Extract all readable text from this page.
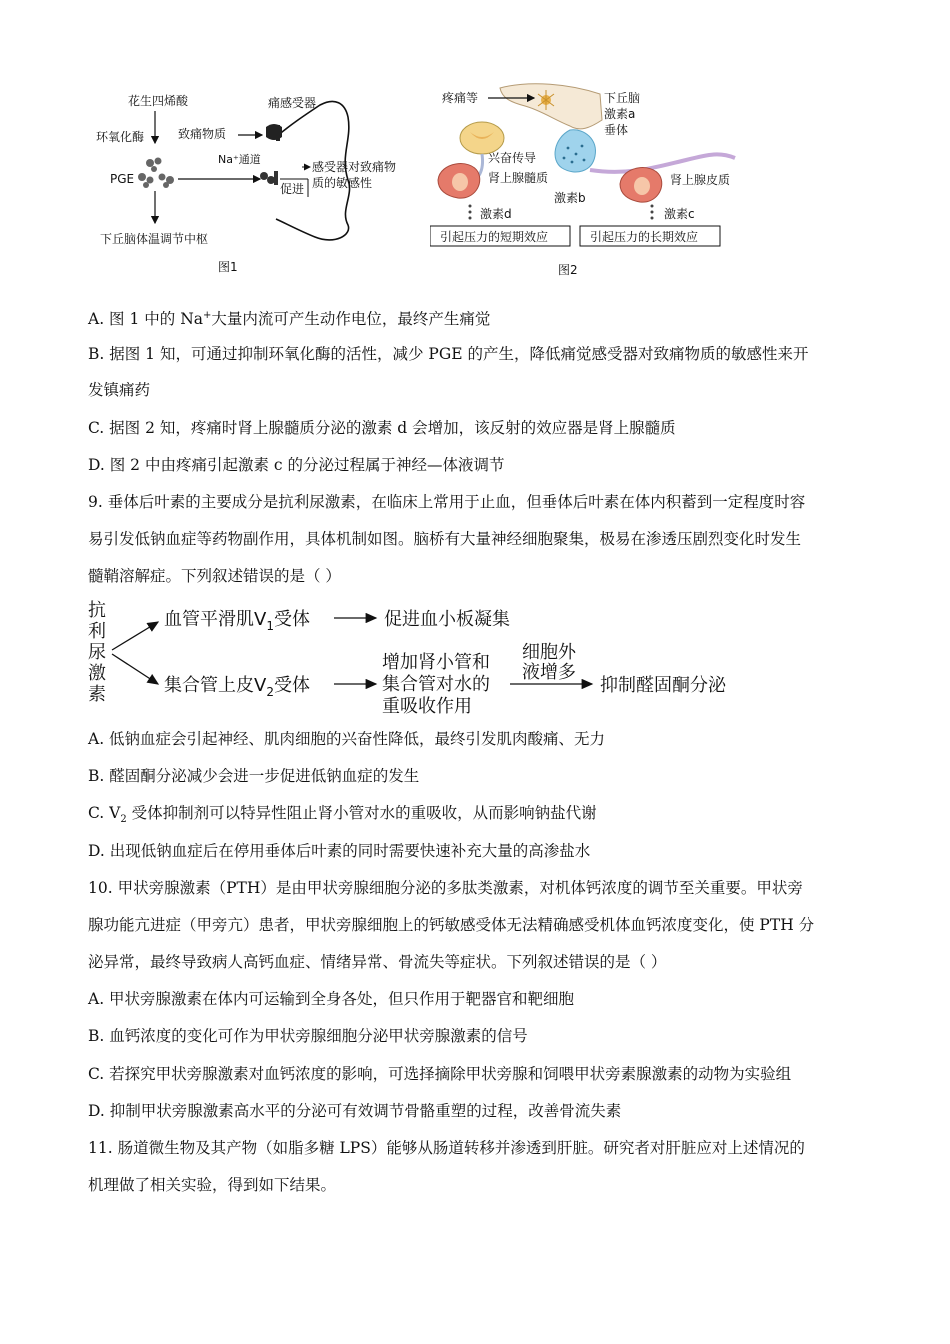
花生四烯酸
环氧化酶
PGE
下丘脑体温调节中枢
图1
痛感受器
致痛物质
Na⁺通道
促进
感受器对致痛物
质的敏感性
疼痛等	下丘脑
激素a
垂体
兴奋传导
肾上腺髓质
激素b
肾上腺皮质
激素d	激素c
引起压力的短期效应	引起压力的长期效应
图2
A. 图 1 中的 Na+大量内流可产生动作电位，最终产生痛觉
B. 据图 1 知，可通过抑制环氧化酶的活性，减少 PGE 的产生，降低痛觉感受器对致痛物质的敏感性来开
发镇痛药
C. 据图 2 知，疼痛时肾上腺髓质分泌的激素 d 会增加，该反射的效应器是肾上腺髓质
D. 图 2 中由疼痛引起激素 c 的分泌过程属于神经—体液调节
9. 垂体后叶素的主要成分是抗利尿激素，在临床上常用于止血，但垂体后叶素在体内积蓄到一定程度时容
易引发低钠血症等药物副作用，具体机制如图。脑桥有大量神经细胞聚集，极易在渗透压剧烈变化时发生
髓鞘溶解症。下列叙述错误的是（ ）
抗
利
尿
激
素
血管平滑肌$V_1$受体	促进血小板凝集
集合管上皮$V_2$受体
增加肾小管和
集合管对水的
重吸收作用
细胞外
液增多
抑制醛固酮分泌
A. 低钠血症会引起神经、肌肉细胞的兴奋性降低，最终引发肌肉酸痛、无力
B. 醛固酮分泌减少会进一步促进低钠血症的发生
C. $V_2$ 受体抑制剂可以特异性阻止肾小管对水的重吸收，从而影响钠盐代谢
D. 出现低钠血症后在停用垂体后叶素的同时需要快速补充大量的高渗盐水
10. 甲状旁腺激素（PTH）是由甲状旁腺细胞分泌的多肽类激素，对机体钙浓度的调节至关重要。甲状旁
腺功能亢进症（甲旁亢）患者，甲状旁腺细胞上的钙敏感受体无法精确感受机体血钙浓度变化，使 PTH 分
泌异常，最终导致病人高钙血症、情绪异常、骨流失等症状。下列叙述错误的是（ ）
A. 甲状旁腺激素在体内可运输到全身各处，但只作用于靶器官和靶细胞
B. 血钙浓度的变化可作为甲状旁腺细胞分泌甲状旁腺激素的信号
C. 若探究甲状旁腺激素对血钙浓度的影响，可选择摘除甲状旁腺和饲喂甲状旁素腺激素的动物为实验组
D. 抑制甲状旁腺激素高水平的分泌可有效调节骨骼重塑的过程，改善骨流失素
11. 肠道微生物及其产物（如脂多糖 LPS）能够从肠道转移并渗透到肝脏。研究者对肝脏应对上述情况的
机理做了相关实验，得到如下结果。
